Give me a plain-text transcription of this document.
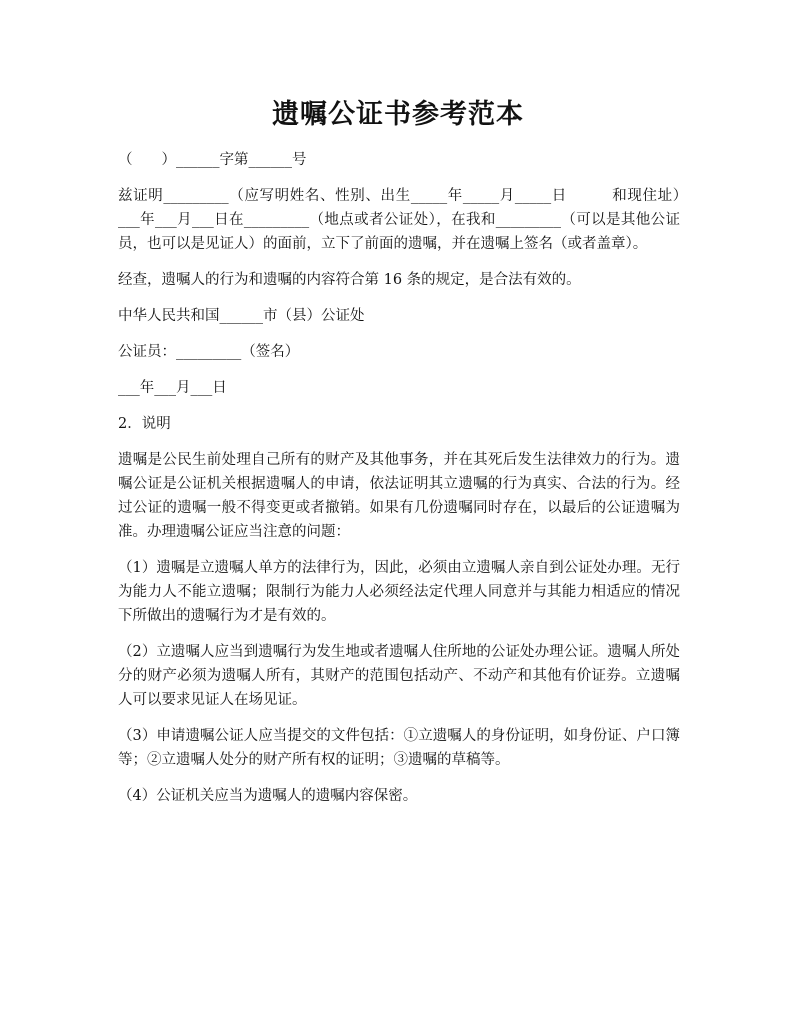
遗嘱公证书参考范本

（　　）______字第______号

兹证明_________（应写明姓名、性别、出生_____年_____月_____日　　　和现住址）　　　　___年___月___日在_________（地点或者公证处），在我和_________（可以是其他公证员，也可以是见证人）的面前，立下了前面的遗嘱，并在遗嘱上签名（或者盖章）。

经查，遗嘱人的行为和遗嘱的内容符合第 16 条的规定，是合法有效的。

中华人民共和国______市（县）公证处

公证员：_________（签名）

___年___月___日

2．说明

遗嘱是公民生前处理自己所有的财产及其他事务，并在其死后发生法律效力的行为。遗嘱公证是公证机关根据遗嘱人的申请，依法证明其立遗嘱的行为真实、合法的行为。经过公证的遗嘱一般不得变更或者撤销。如果有几份遗嘱同时存在，以最后的公证遗嘱为准。办理遗嘱公证应当注意的问题：

（1）遗嘱是立遗嘱人单方的法律行为，因此，必须由立遗嘱人亲自到公证处办理。无行为能力人不能立遗嘱；限制行为能力人必须经法定代理人同意并与其能力相适应的情况下所做出的遗嘱行为才是有效的。

（2）立遗嘱人应当到遗嘱行为发生地或者遗嘱人住所地的公证处办理公证。遗嘱人所处分的财产必须为遗嘱人所有，其财产的范围包括动产、不动产和其他有价证券。立遗嘱人可以要求见证人在场见证。

（3）申请遗嘱公证人应当提交的文件包括：①立遗嘱人的身份证明，如身份证、户口簿等；②立遗嘱人处分的财产所有权的证明；③遗嘱的草稿等。

（4）公证机关应当为遗嘱人的遗嘱内容保密。
